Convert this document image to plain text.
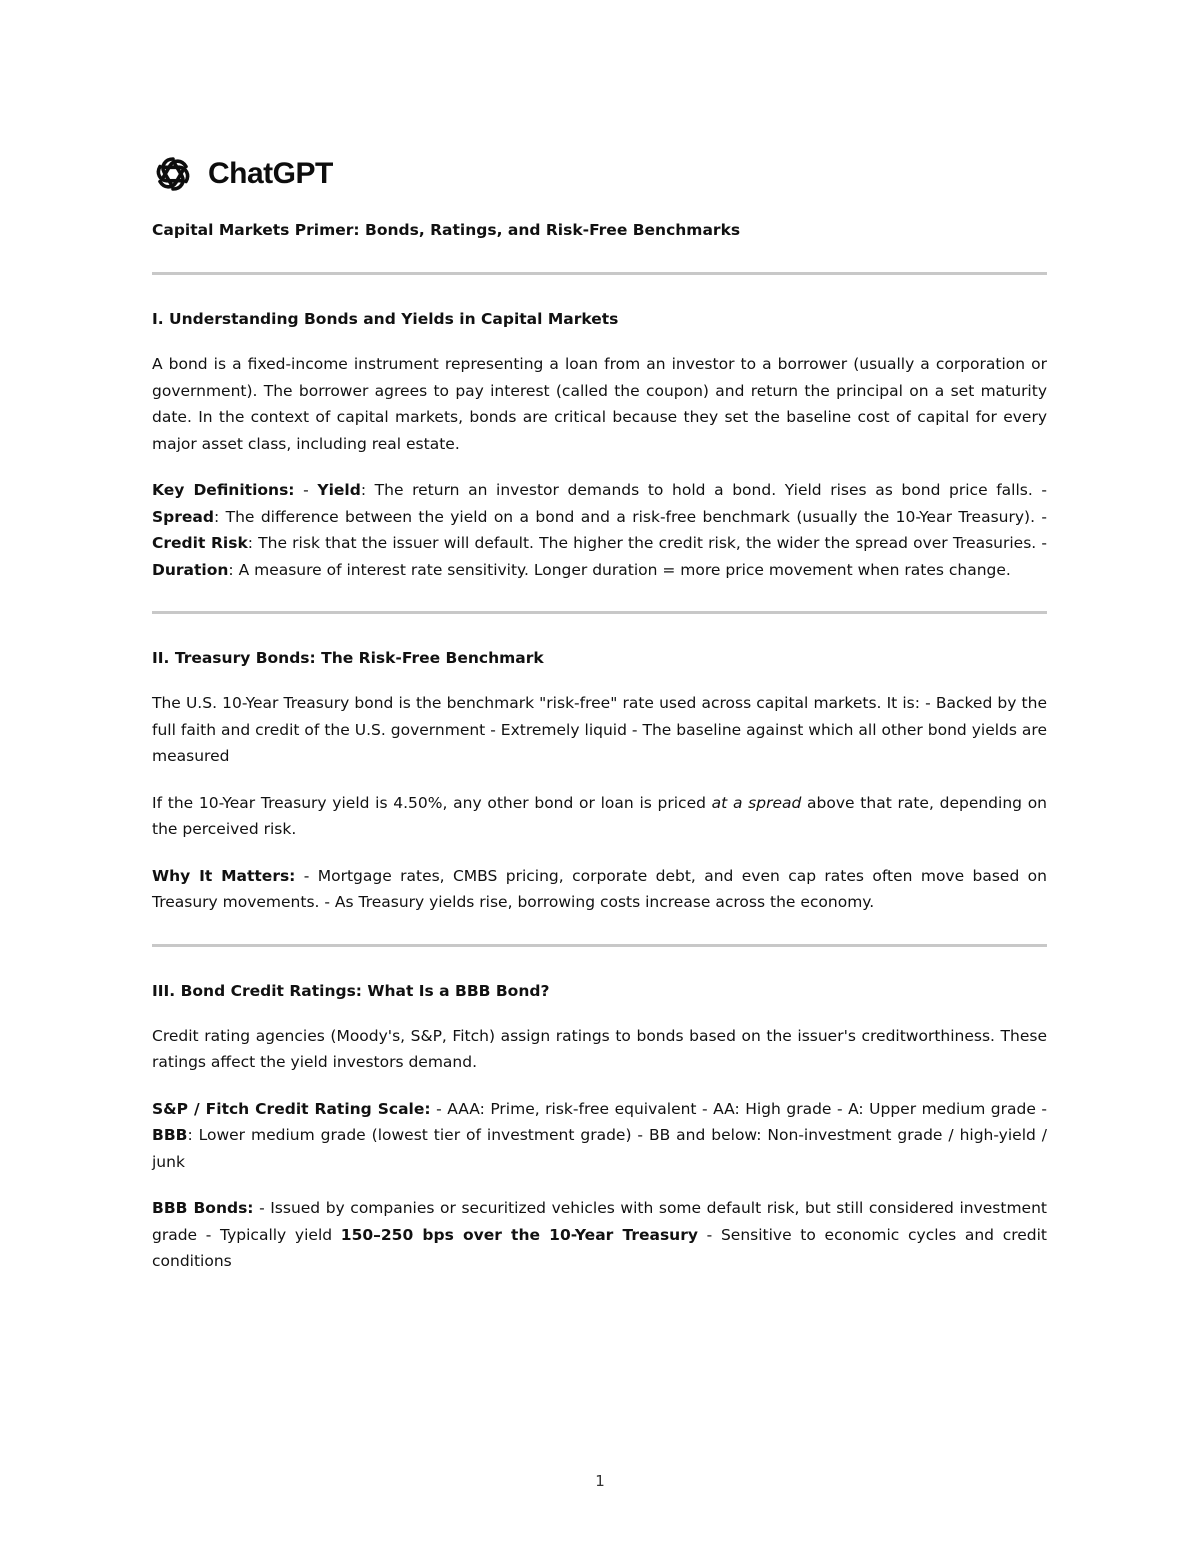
ChatGPT
Capital Markets Primer: Bonds, Ratings, and Risk-Free Benchmarks
I. Understanding Bonds and Yields in Capital Markets

A bond is a fixed-income instrument representing a loan from an investor to a borrower (usually a corporation or government). The borrower agrees to pay interest (called the coupon) and return the principal on a set maturity date. In the context of capital markets, bonds are critical because they set the baseline cost of capital for every major asset class, including real estate.

Key Definitions: - Yield: The return an investor demands to hold a bond. Yield rises as bond price falls. - Spread: The difference between the yield on a bond and a risk-free benchmark (usually the 10-Year Treasury). - Credit Risk: The risk that the issuer will default. The higher the credit risk, the wider the spread over Treasuries. - Duration: A measure of interest rate sensitivity. Longer duration = more price movement when rates change.

II. Treasury Bonds: The Risk-Free Benchmark

The U.S. 10-Year Treasury bond is the benchmark "risk-free" rate used across capital markets. It is: - Backed by the full faith and credit of the U.S. government - Extremely liquid - The baseline against which all other bond yields are measured

If the 10-Year Treasury yield is 4.50%, any other bond or loan is priced at a spread above that rate, depending on the perceived risk.

Why It Matters: - Mortgage rates, CMBS pricing, corporate debt, and even cap rates often move based on Treasury movements. - As Treasury yields rise, borrowing costs increase across the economy.

III. Bond Credit Ratings: What Is a BBB Bond?

Credit rating agencies (Moody's, S&P, Fitch) assign ratings to bonds based on the issuer's creditworthiness. These ratings affect the yield investors demand.

S&P / Fitch Credit Rating Scale: - AAA: Prime, risk-free equivalent - AA: High grade - A: Upper medium grade - BBB: Lower medium grade (lowest tier of investment grade) - BB and below: Non-investment grade / high-yield / junk

BBB Bonds: - Issued by companies or securitized vehicles with some default risk, but still considered investment grade - Typically yield 150–250 bps over the 10-Year Treasury - Sensitive to economic cycles and credit conditions

1
